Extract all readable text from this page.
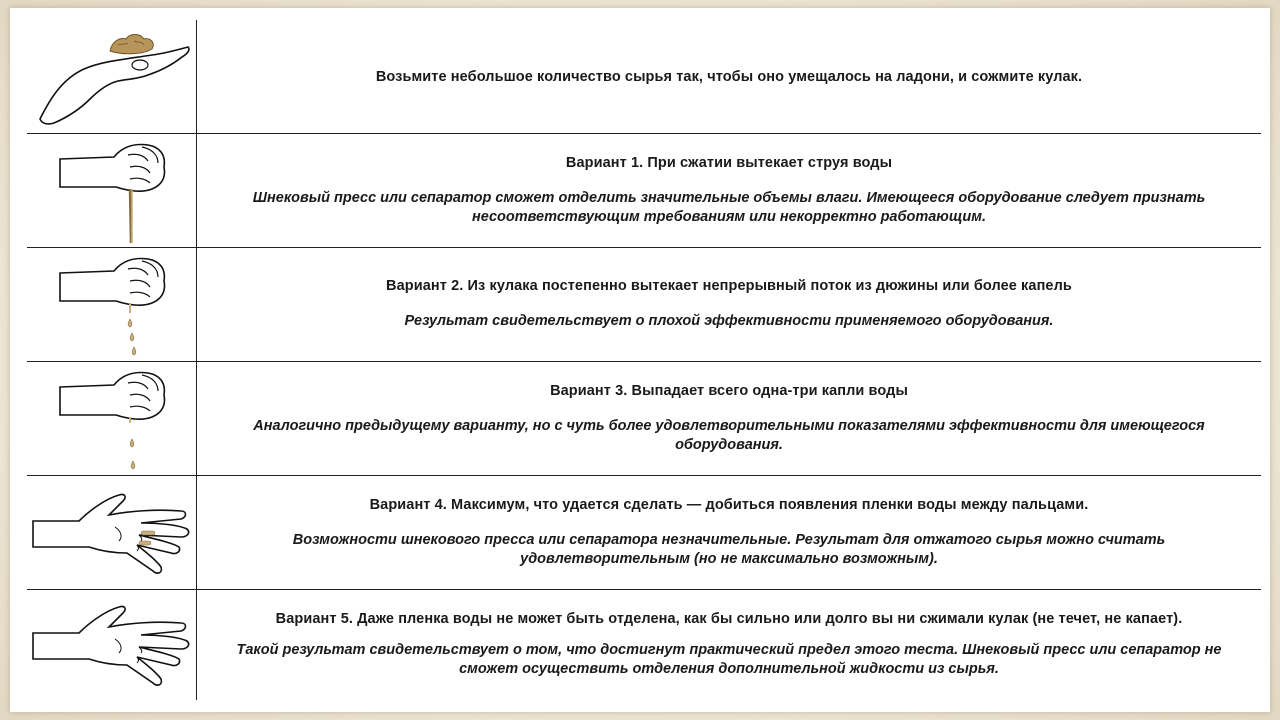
Возьмите небольшое количество сырья так, чтобы оно умещалось на ладони, и сожмите кулак.
Вариант 1. При сжатии вытекает струя воды
Шнековый пресс или сепаратор сможет отделить значительные объемы влаги. Имеющееся оборудование следует признать несоответствующим требованиям или некорректно работающим.
Вариант 2. Из кулака постепенно вытекает непрерывный поток из дюжины или более капель
Результат свидетельствует о плохой эффективности применяемого оборудования.
Вариант 3. Выпадает всего одна-три капли воды
Аналогично предыдущему варианту, но с чуть более удовлетворительными показателями эффективности для имеющегося оборудования.
Вариант 4. Максимум, что удается сделать — добиться появления пленки воды между пальцами.
Возможности шнекового пресса или сепаратора незначительные. Результат для отжатого сырья можно считать удовлетворительным (но не максимально возможным).
Вариант 5. Даже пленка воды не может быть отделена, как бы сильно или долго вы ни сжимали кулак (не течет, не капает).
Такой результат свидетельствует о том, что достигнут практический предел этого теста. Шнековый пресс или сепаратор не сможет осуществить отделения дополнительной жидкости из сырья.
